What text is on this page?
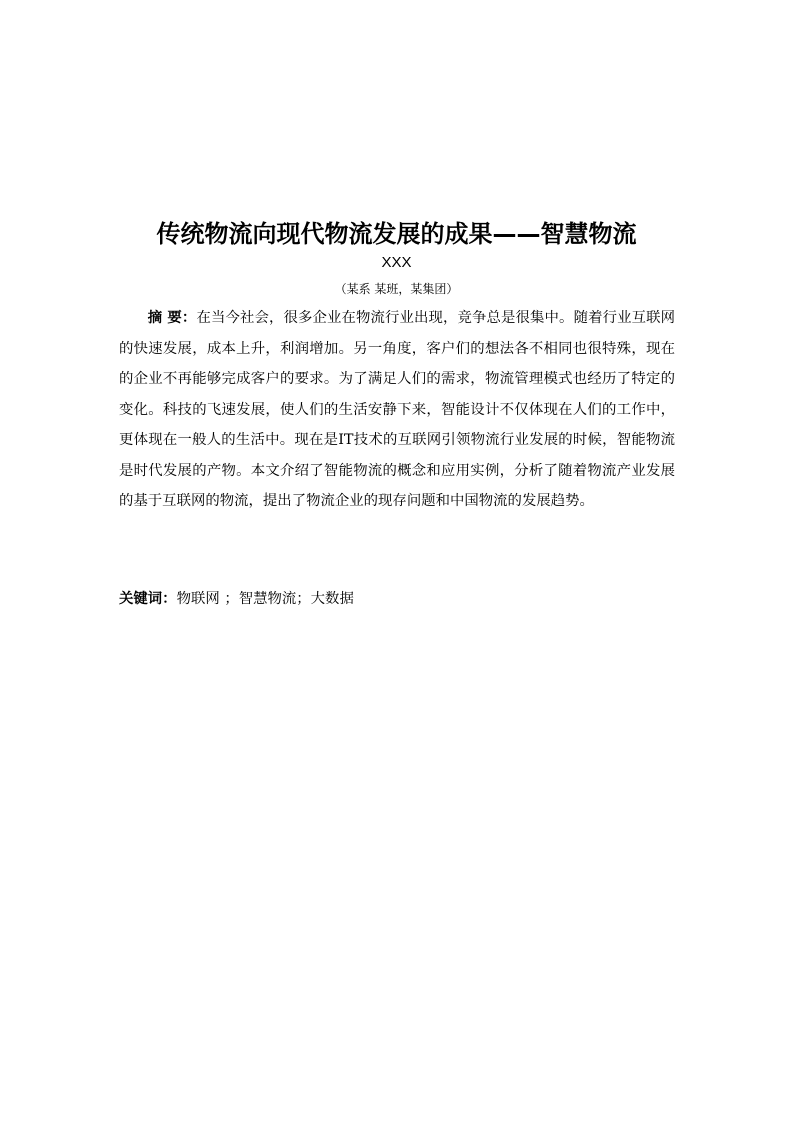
传统物流向现代物流发展的成果——智慧物流
XXX
（某系 某班，某集团）

摘 要：在当今社会，很多企业在物流行业出现，竞争总是很集中。随着行业互联网的快速发展，成本上升，利润增加。另一角度，客户们的想法各不相同也很特殊，现在的企业不再能够完成客户的要求。为了满足人们的需求，物流管理模式也经历了特定的变化。科技的飞速发展，使人们的生活安静下来，智能设计不仅体现在人们的工作中，更体现在一般人的生活中。现在是IT技术的互联网引领物流行业发展的时候，智能物流是时代发展的产物。本文介绍了智能物流的概念和应用实例，分析了随着物流产业发展的基于互联网的物流，提出了物流企业的现存问题和中国物流的发展趋势。

关键词：物联网 ；智慧物流；大数据
